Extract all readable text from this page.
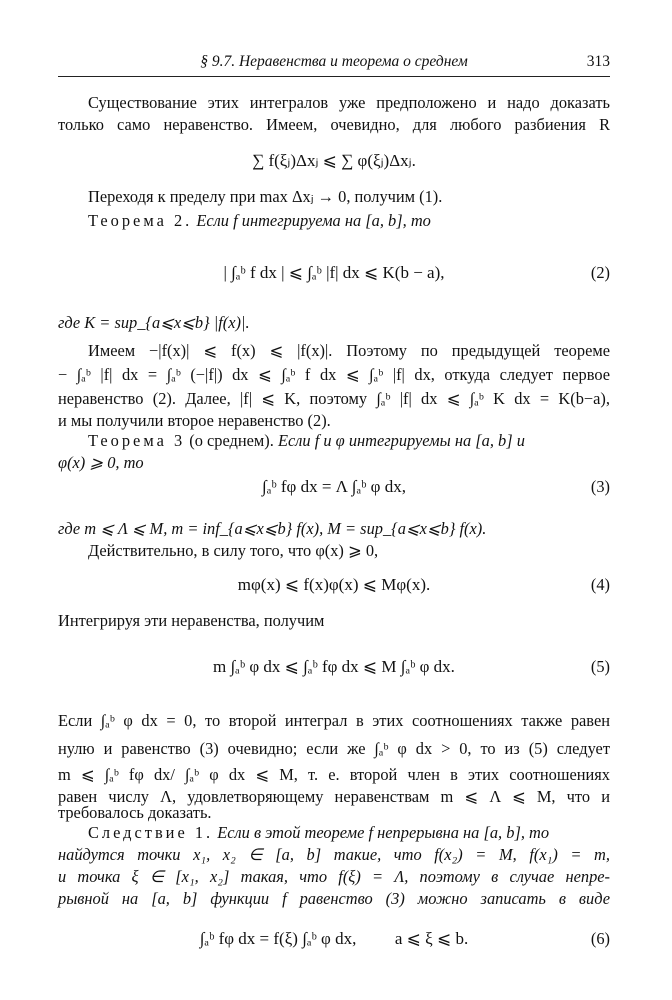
§ 9.7. Неравенства и теорема о среднем	313
Существование этих интегралов уже предположено и надо доказать
только само неравенство. Имеем, очевидно, для любого разбиения R
∑ f(ξⱼ)Δxⱼ ⩽ ∑ φ(ξⱼ)Δxⱼ.
Переходя к пределу при max Δxⱼ → 0, получим (1).
Теорема 2. Если f интегрируема на [a, b], то
| ∫ₐᵇ f dx | ⩽ ∫ₐᵇ |f| dx ⩽ K(b − a),	(2)
где K = sup_{a⩽x⩽b} |f(x)|.
Имеем −|f(x)| ⩽ f(x) ⩽ |f(x)|. Поэтому по предыдущей теореме
− ∫ₐᵇ |f| dx = ∫ₐᵇ (−|f|) dx ⩽ ∫ₐᵇ f dx ⩽ ∫ₐᵇ |f| dx, откуда следует первое
неравенство (2). Далее, |f| ⩽ K, поэтому ∫ₐᵇ |f| dx ⩽ ∫ₐᵇ K dx = K(b−a),
и мы получили второе неравенство (2).
Теорема 3 (о среднем). Если f и φ интегрируемы на [a, b] и
φ(x) ⩾ 0, то
∫ₐᵇ fφ dx = Λ ∫ₐᵇ φ dx,	(3)
где m ⩽ Λ ⩽ M, m = inf_{a⩽x⩽b} f(x), M = sup_{a⩽x⩽b} f(x).
Действительно, в силу того, что φ(x) ⩾ 0,
mφ(x) ⩽ f(x)φ(x) ⩽ Mφ(x).	(4)
Интегрируя эти неравенства, получим
m ∫ₐᵇ φ dx ⩽ ∫ₐᵇ fφ dx ⩽ M ∫ₐᵇ φ dx.	(5)
Если ∫ₐᵇ φ dx = 0, то второй интеграл в этих соотношениях также равен
нулю и равенство (3) очевидно; если же ∫ₐᵇ φ dx > 0, то из (5) следует
m ⩽ ∫ₐᵇ fφ dx/ ∫ₐᵇ φ dx ⩽ M, т. е. второй член в этих соотношениях
равен числу Λ, удовлетворяющему неравенствам m ⩽ Λ ⩽ M, что и
требовалось доказать.
Следствие 1. Если в этой теореме f непрерывна на [a, b], то
найдутся точки x₁, x₂ ∈ [a, b] такие, что f(x₂) = M, f(x₁) = m,
и точка ξ ∈ [x₁, x₂] такая, что f(ξ) = Λ, поэтому в случае непре-
рывной на [a, b] функции f равенство (3) можно записать в виде
∫ₐᵇ fφ dx = f(ξ) ∫ₐᵇ φ dx, a ⩽ ξ ⩽ b.	(6)
